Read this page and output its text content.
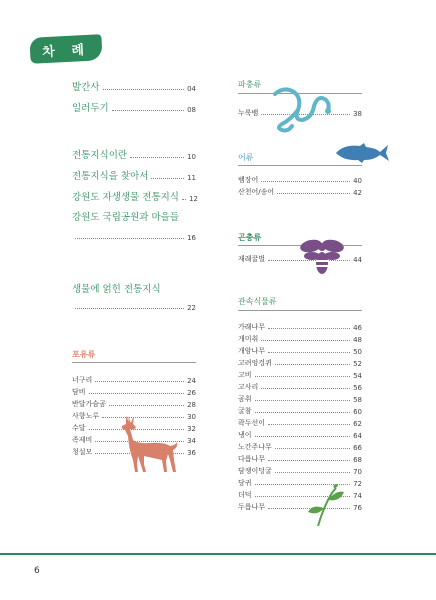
차 례
발간사	04
일러두기	08
전통지식이란	10
전통지식을 찾아서	11
강원도 자생생물 전통지식 12
강원도 국립공원과 마을들
16
생물에 얽힌 전통지식
22
포유류
너구리	24
담비	26
반달가슴곰	28
사향노루	30
수달	32
족제비	34
청설모	36
파충류
누룩뱀	38
어류
뱀장어	40
산천어/송어	42
곤충류
재래꿀벌	44
관속식물류
가래나무	46
개미취	48
개암나무	50
고려엉겅퀴	52
고비	54
고사리	56
곰취	58
굴참	60
곽두선이	62
냉이	64
노간주나무	66
다릅나무	68
담쟁이덩굴	70
당귀	72
더덕	74
두릅나무	76
6
